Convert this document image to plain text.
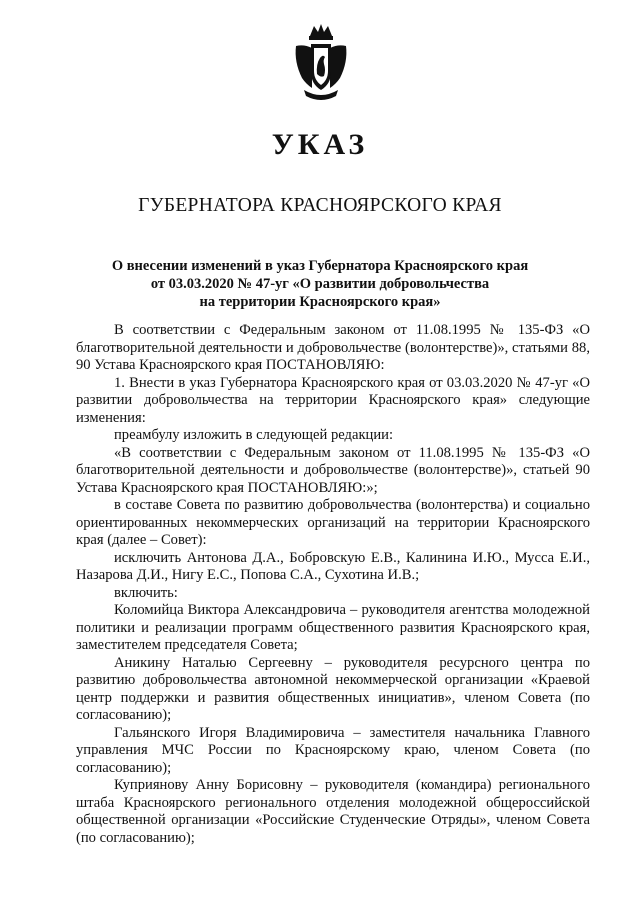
УКАЗ
ГУБЕРНАТОРА КРАСНОЯРСКОГО КРАЯ
О внесении изменений в указ Губернатора Красноярского края
от 03.03.2020 № 47-уг «О развитии добровольчества
на территории Красноярского края»

В соответствии с Федеральным законом от 11.08.1995 № 135-ФЗ «О благотворительной деятельности и добровольчестве (волонтерстве)», статьями 88, 90 Устава Красноярского края ПОСТАНОВЛЯЮ:

1. Внести в указ Губернатора Красноярского края от 03.03.2020 № 47-уг «О развитии добровольчества на территории Красноярского края» следующие изменения:

преамбулу изложить в следующей редакции:

«В соответствии с Федеральным законом от 11.08.1995 № 135-ФЗ «О благотворительной деятельности и добровольчестве (волонтерстве)», статьей 90 Устава Красноярского края ПОСТАНОВЛЯЮ:»;

в составе Совета по развитию добровольчества (волонтерства) и социально ориентированных некоммерческих организаций на территории Красноярского края (далее – Совет):

исключить Антонова Д.А., Бобровскую Е.В., Калинина И.Ю., Мусса Е.И., Назарова Д.И., Нигу Е.С., Попова С.А., Сухотина И.В.;

включить:

Коломийца Виктора Александровича – руководителя агентства молодежной политики и реализации программ общественного развития Красноярского края, заместителем председателя Совета;

Аникину Наталью Сергеевну – руководителя ресурсного центра по развитию добровольчества автономной некоммерческой организации «Краевой центр поддержки и развития общественных инициатив», членом Совета (по согласованию);

Гальянского Игоря Владимировича – заместителя начальника Главного управления МЧС России по Красноярскому краю, членом Совета (по согласованию);

Куприянову Анну Борисовну – руководителя (командира) регионального штаба Красноярского регионального отделения молодежной общероссийской общественной организации «Российские Студенческие Отряды», членом Совета (по согласованию);
